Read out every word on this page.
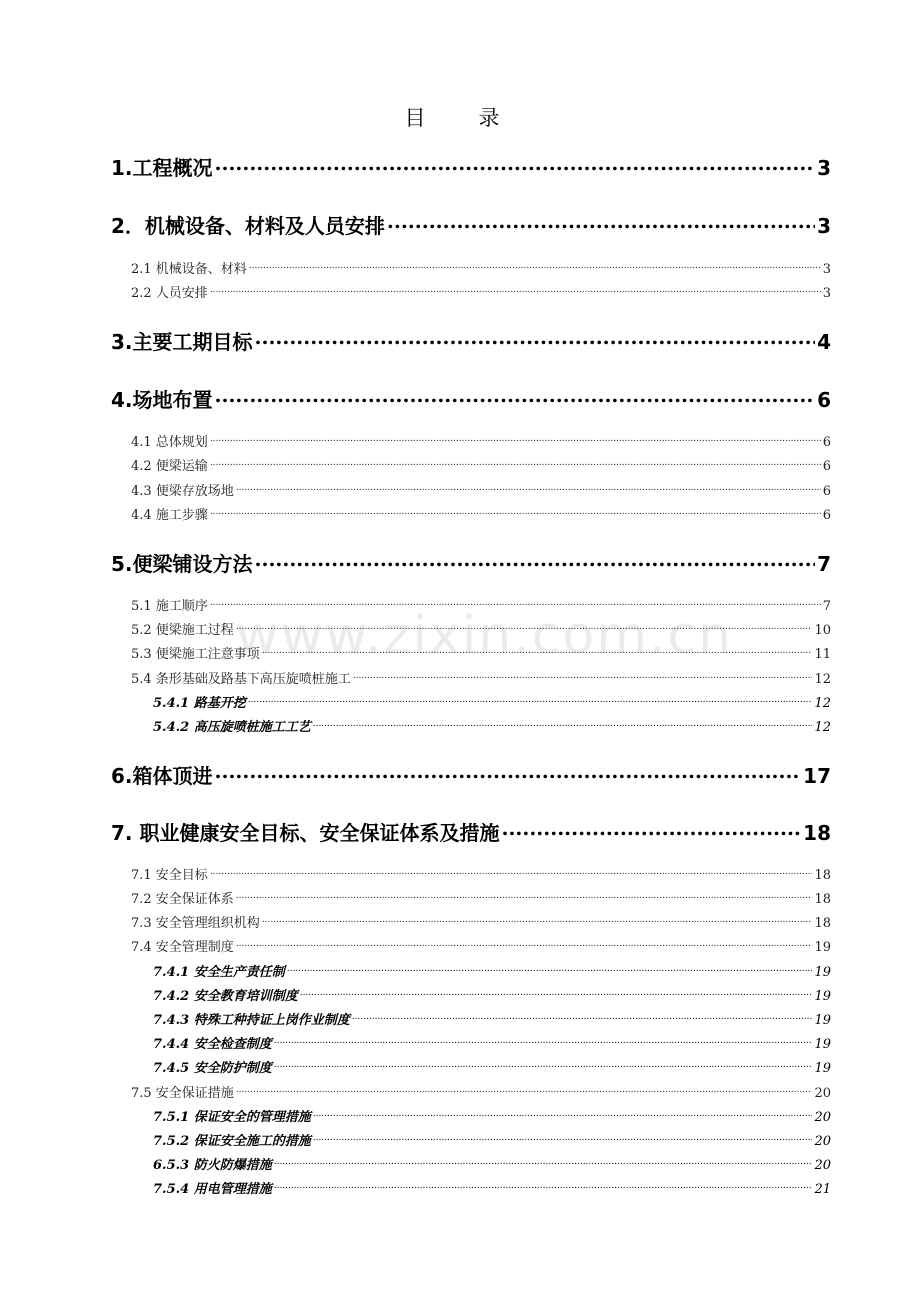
目　录
www.zixin.com.cn
1.工程概况 .....	3
2．机械设备、材料及人员安排 .....	3
2.1 机械设备、材料 .....	3
2.2 人员安排 .....	3
3.主要工期目标 .....	4
4.场地布置 .....	6
4.1 总体规划 .....	6
4.2 便梁运输 .....	6
4.3 便梁存放场地 .....	6
4.4 施工步骤 .....	6
5.便梁铺设方法 .....	7
5.1 施工顺序 .....	7
5.2 便梁施工过程 .....	10
5.3 便梁施工注意事项 .....	11
5.4 条形基础及路基下高压旋喷桩施工 .....	12
5.4.1 路基开挖 .....	12
5.4.2 高压旋喷桩施工工艺 .....	12
6.箱体顶进 .....	17
7. 职业健康安全目标、安全保证体系及措施 .....	18
7.1 安全目标 .....	18
7.2 安全保证体系 .....	18
7.3 安全管理组织机构 .....	18
7.4 安全管理制度 .....	19
7.4.1 安全生产责任制 .....	19
7.4.2 安全教育培训制度 .....	19
7.4.3 特殊工种持证上岗作业制度 .....	19
7.4.4 安全检查制度 .....	19
7.4.5 安全防护制度 .....	19
7.5 安全保证措施 .....	20
7.5.1 保证安全的管理措施 .....	20
7.5.2 保证安全施工的措施 .....	20
6.5.3 防火防爆措施 .....	20
7.5.4 用电管理措施 .....	21
